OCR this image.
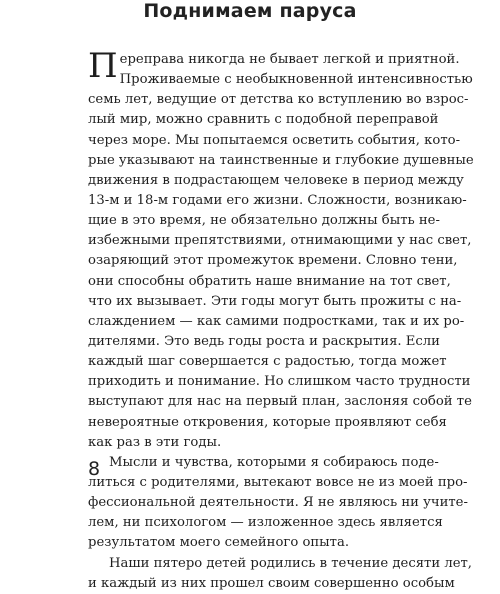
Поднимаем паруса
П ереправа никогда не бывает легкой и приятной.
Проживаемые с необыкновенной интенсивностью
семь лет, ведущие от детства ко вступлению во взрос-
лый мир, можно сравнить с подобной переправой
через море. Мы попытаемся осветить события, кото-
рые указывают на таинственные и глубокие душевные
движения в подрастающем человеке в период между
13-м и 18-м годами его жизни. Сложности, возникаю-
щие в это время, не обязательно должны быть не-
избежными препятствиями, отнимающими у нас свет,
озаряющий этот промежуток времени. Словно тени,
они способны обратить наше внимание на тот свет,
что их вызывает. Эти годы могут быть прожиты с на-
слаждением — как самими подростками, так и их ро-
дителями. Это ведь годы роста и раскрытия. Если
каждый шаг совершается с радостью, тогда может
приходить и понимание. Но слишком часто трудности
выступают для нас на первый план, заслоняя собой те
невероятные откровения, которые проявляют себя
как раз в эти годы.
Мысли и чувства, которыми я собираюсь поде-
литься с родителями, вытекают вовсе не из моей про-
фессиональной деятельности. Я не являюсь ни учите-
лем, ни психологом — изложенное здесь является
результатом моего семейного опыта.
Наши пятеро детей родились в течение десяти лет,
и каждый из них прошел своим совершенно особым
8
